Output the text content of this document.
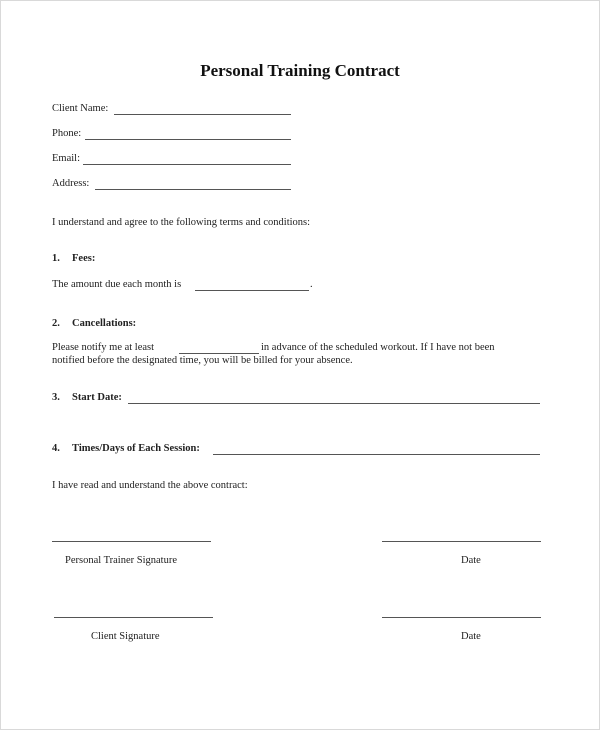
Personal Training Contract
Client Name:
Phone:
Email:
Address:
I understand and agree to the following terms and conditions:
1. Fees:
The amount due each month is	.
2. Cancellations:
Please notify me at least	in advance of the scheduled workout. If I have not been
notified before the designated time, you will be billed for your absence.
3. Start Date:
4. Times/Days of Each Session:
I have read and understand the above contract:
Personal Trainer Signature	Date
Client Signature	Date
